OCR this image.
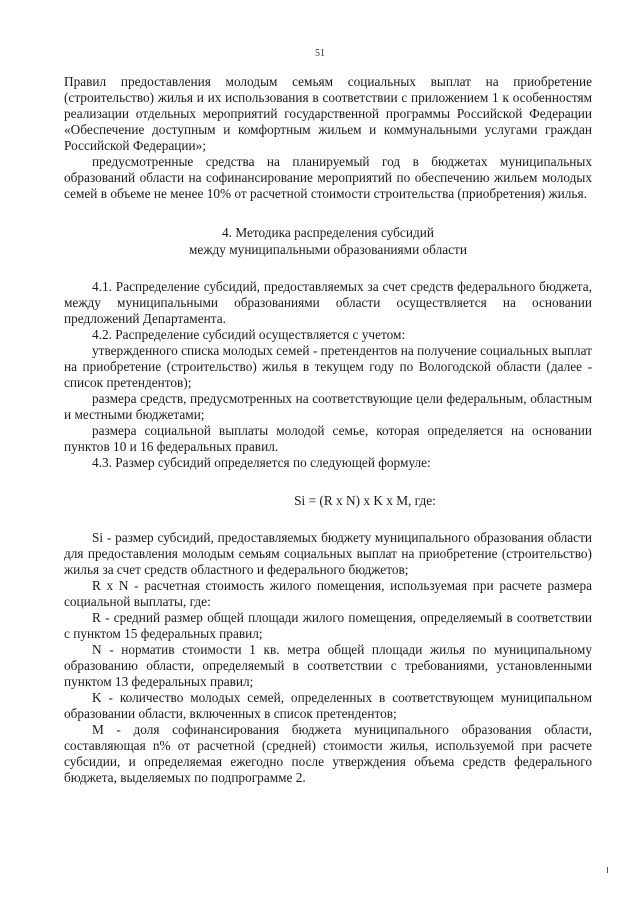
51

Правил предоставления молодым семьям социальных выплат на приобретение (строительство) жилья и их использования в соответствии с приложением 1 к особенностям реализации отдельных мероприятий государственной программы Российской Федерации «Обеспечение доступным и комфортным жильем и коммунальными услугами граждан Российской Федерации»;

предусмотренные средства на планируемый год в бюджетах муниципальных образований области на софинансирование мероприятий по обеспечению жильем молодых семей в объеме не менее 10% от расчетной стоимости строительства (приобретения) жилья.

4. Методика распределения субсидий
между муниципальными образованиями области

4.1. Распределение субсидий, предоставляемых за счет средств федерального бюджета, между муниципальными образованиями области осуществляется на основании предложений Департамента.

4.2. Распределение субсидий осуществляется с учетом:

утвержденного списка молодых семей - претендентов на получение социальных выплат на приобретение (строительство) жилья в текущем году по Вологодской области (далее - список претендентов);

размера средств, предусмотренных на соответствующие цели федеральным, областным и местными бюджетами;

размера социальной выплаты молодой семье, которая определяется на основании пунктов 10 и 16 федеральных правил.

4.3. Размер субсидий определяется по следующей формуле:

Si = (R x N) x K x M, где:

Si - размер субсидий, предоставляемых бюджету муниципального образования области для предоставления молодым семьям социальных выплат на приобретение (строительство) жилья за счет средств областного и федерального бюджетов;

R x N - расчетная стоимость жилого помещения, используемая при расчете размера социальной выплаты, где:

R - средний размер общей площади жилого помещения, определяемый в соответствии с пунктом 15 федеральных правил;

N - норматив стоимости 1 кв. метра общей площади жилья по муниципальному образованию области, определяемый в соответствии с требованиями, установленными пунктом 13 федеральных правил;

K - количество молодых семей, определенных в соответствующем муниципальном образовании области, включенных в список претендентов;

M - доля софинансирования бюджета муниципального образования области, составляющая n% от расчетной (средней) стоимости жилья, используемой при расчете субсидии, и определяемая ежегодно после утверждения объема средств федерального бюджета, выделяемых по подпрограмме 2.
